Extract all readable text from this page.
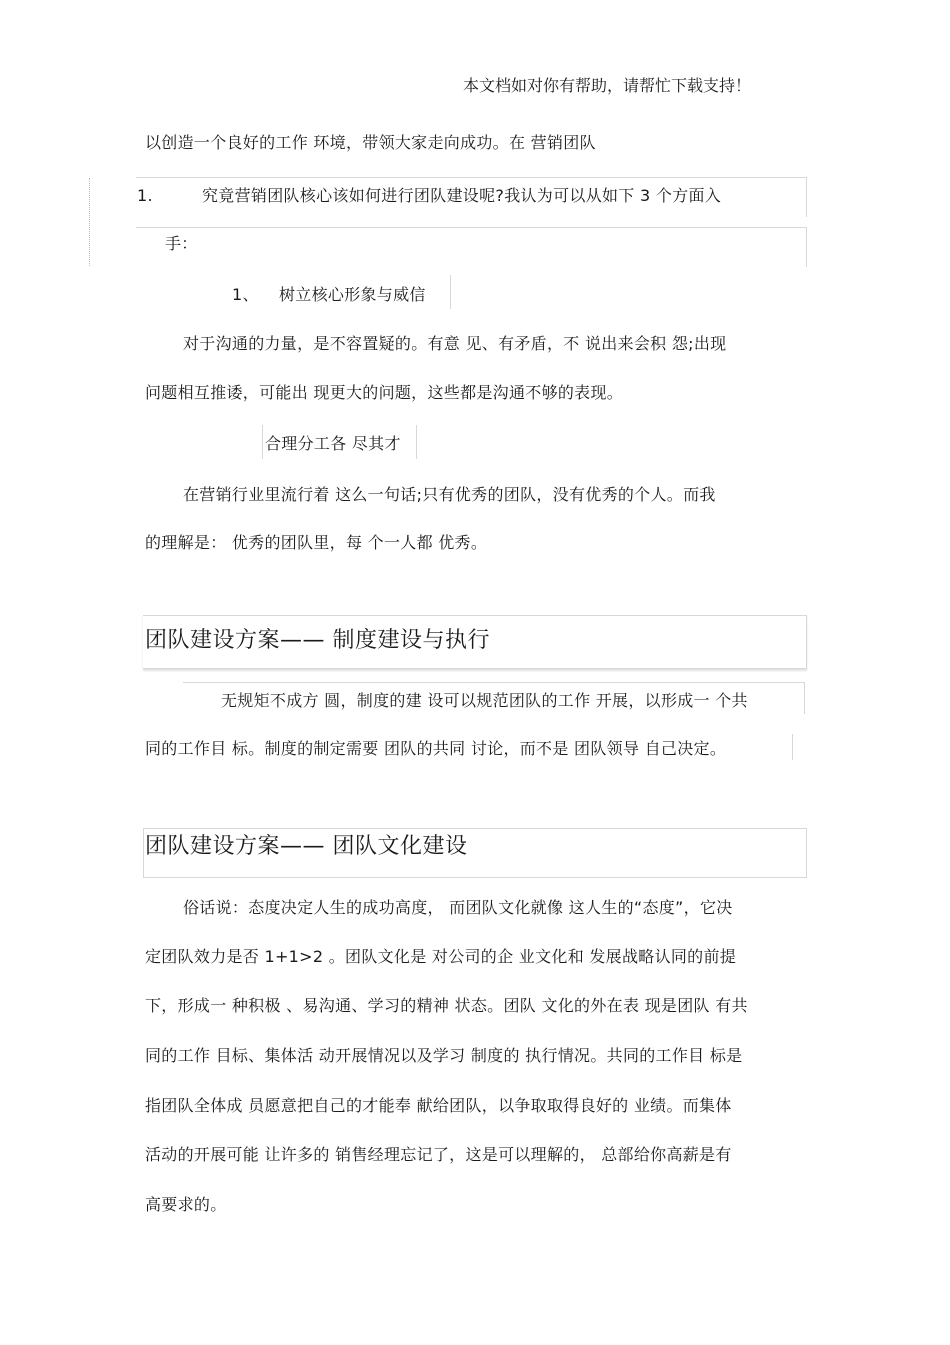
本文档如对你有帮助，请帮忙下载支持！
以创造一个良好的工作 环境，带领大家走向成功。在 营销团队
1.	究竟营销团队核心该如何进行团队建设呢?我认为可以从如下 3 个方面入
手：
1、 树立核心形象与威信
对于沟通的力量，是不容置疑的。有意 见、有矛盾，不 说出来会积 怨;出现
问题相互推诿，可能出 现更大的问题，这些都是沟通不够的表现。
合理分工各 尽其才
在营销行业里流行着 这么一句话;只有优秀的团队，没有优秀的个人。而我
的理解是： 优秀的团队里，每 个一人都 优秀。
团队建设方案—— 制度建设与执行
无规矩不成方 圆，制度的建 设可以规范团队的工作 开展，以形成一 个共
同的工作目 标。制度的制定需要 团队的共同 讨论，而不是 团队领导 自己决定。
团队建设方案—— 团队文化建设
俗话说：态度决定人生的成功高度， 而团队文化就像 这人生的“态度”，它决
定团队效力是否 1+1>2 。团队文化是 对公司的企 业文化和 发展战略认同的前提
下，形成一 种积极 、易沟通、学习的精神 状态。团队 文化的外在表 现是团队 有共
同的工作 目标、集体活 动开展情况以及学习 制度的 执行情况。共同的工作目 标是
指团队全体成 员愿意把自己的才能奉 献给团队，以争取取得良好的 业绩。而集体
活动的开展可能 让许多的 销售经理忘记了，这是可以理解的， 总部给你高薪是有
高要求的。
